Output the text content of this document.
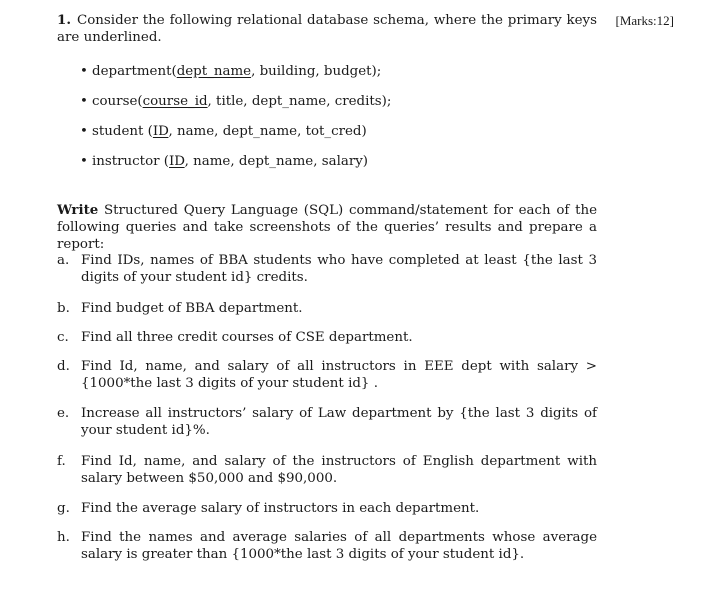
1. Consider the following relational database schema, where the primary keys are underlined.
[Marks:12]
• department(dept_name, building, budget);
• course(course_id, title, dept_name, credits);
• student (ID, name, dept_name, tot_cred)
• instructor (ID, name, dept_name, salary)
Write Structured Query Language (SQL) command/statement for each of the following queries and take screenshots of the queries’ results and prepare a report:
a. Find IDs, names of BBA students who have completed at least {the last 3 digits of your student id} credits.
b. Find budget of BBA department.
c. Find all three credit courses of CSE department.
d. Find Id, name, and salary of all instructors in EEE dept with salary > {1000*the last 3 digits of your student id} .
e. Increase all instructors’ salary of Law department by {the last 3 digits of your student id}%.
f.	Find Id, name, and salary of the instructors of English department with salary between $50,000 and $90,000.
g. Find the average salary of instructors in each department.
h. Find the names and average salaries of all departments whose average salary is greater than {1000*the last 3 digits of your student id}.
